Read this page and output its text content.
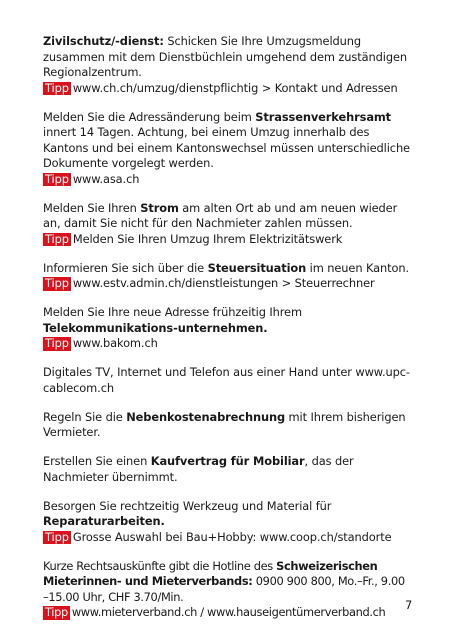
Zivilschutz/-dienst: Schicken Sie Ihre Umzugsmeldung zusammen mit dem Dienstbüchlein umgehend dem zuständigen Regionalzentrum.
Tipp www.ch.ch/umzug/dienstpflichtig > Kontakt und Adressen

Melden Sie die Adressänderung beim Strassenverkehrsamt innert 14 Tagen. Achtung, bei einem Umzug innerhalb des Kantons und bei einem Kantonswechsel müssen unterschiedliche Dokumente vorgelegt werden.
Tipp www.asa.ch

Melden Sie Ihren Strom am alten Ort ab und am neuen wieder an, damit Sie nicht für den Nachmieter zahlen müssen.
Tipp Melden Sie Ihren Umzug Ihrem Elektrizitätswerk

Informieren Sie sich über die Steuersituation im neuen Kanton.
Tipp www.estv.admin.ch/dienstleistungen > Steuerrechner

Melden Sie Ihre neue Adresse frühzeitig Ihrem Telekommunikations-unternehmen.
Tipp www.bakom.ch

Digitales TV, Internet und Telefon aus einer Hand unter www.upc-cablecom.ch

Regeln Sie die Nebenkostenabrechnung mit Ihrem bisherigen Vermieter.

Erstellen Sie einen Kaufvertrag für Mobiliar, das der Nachmieter übernimmt.

Besorgen Sie rechtzeitig Werkzeug und Material für Reparaturarbeiten.
Tipp Grosse Auswahl bei Bau+Hobby: www.coop.ch/standorte

Kurze Rechtsauskünfte gibt die Hotline des Schweizerischen Mieterinnen- und Mieterverbands: 0900 900 800, Mo.–Fr., 9.00 –15.00 Uhr, CHF 3.70/Min.
Tipp www.mieterverband.ch / www.hauseigentümerverband.ch	7
